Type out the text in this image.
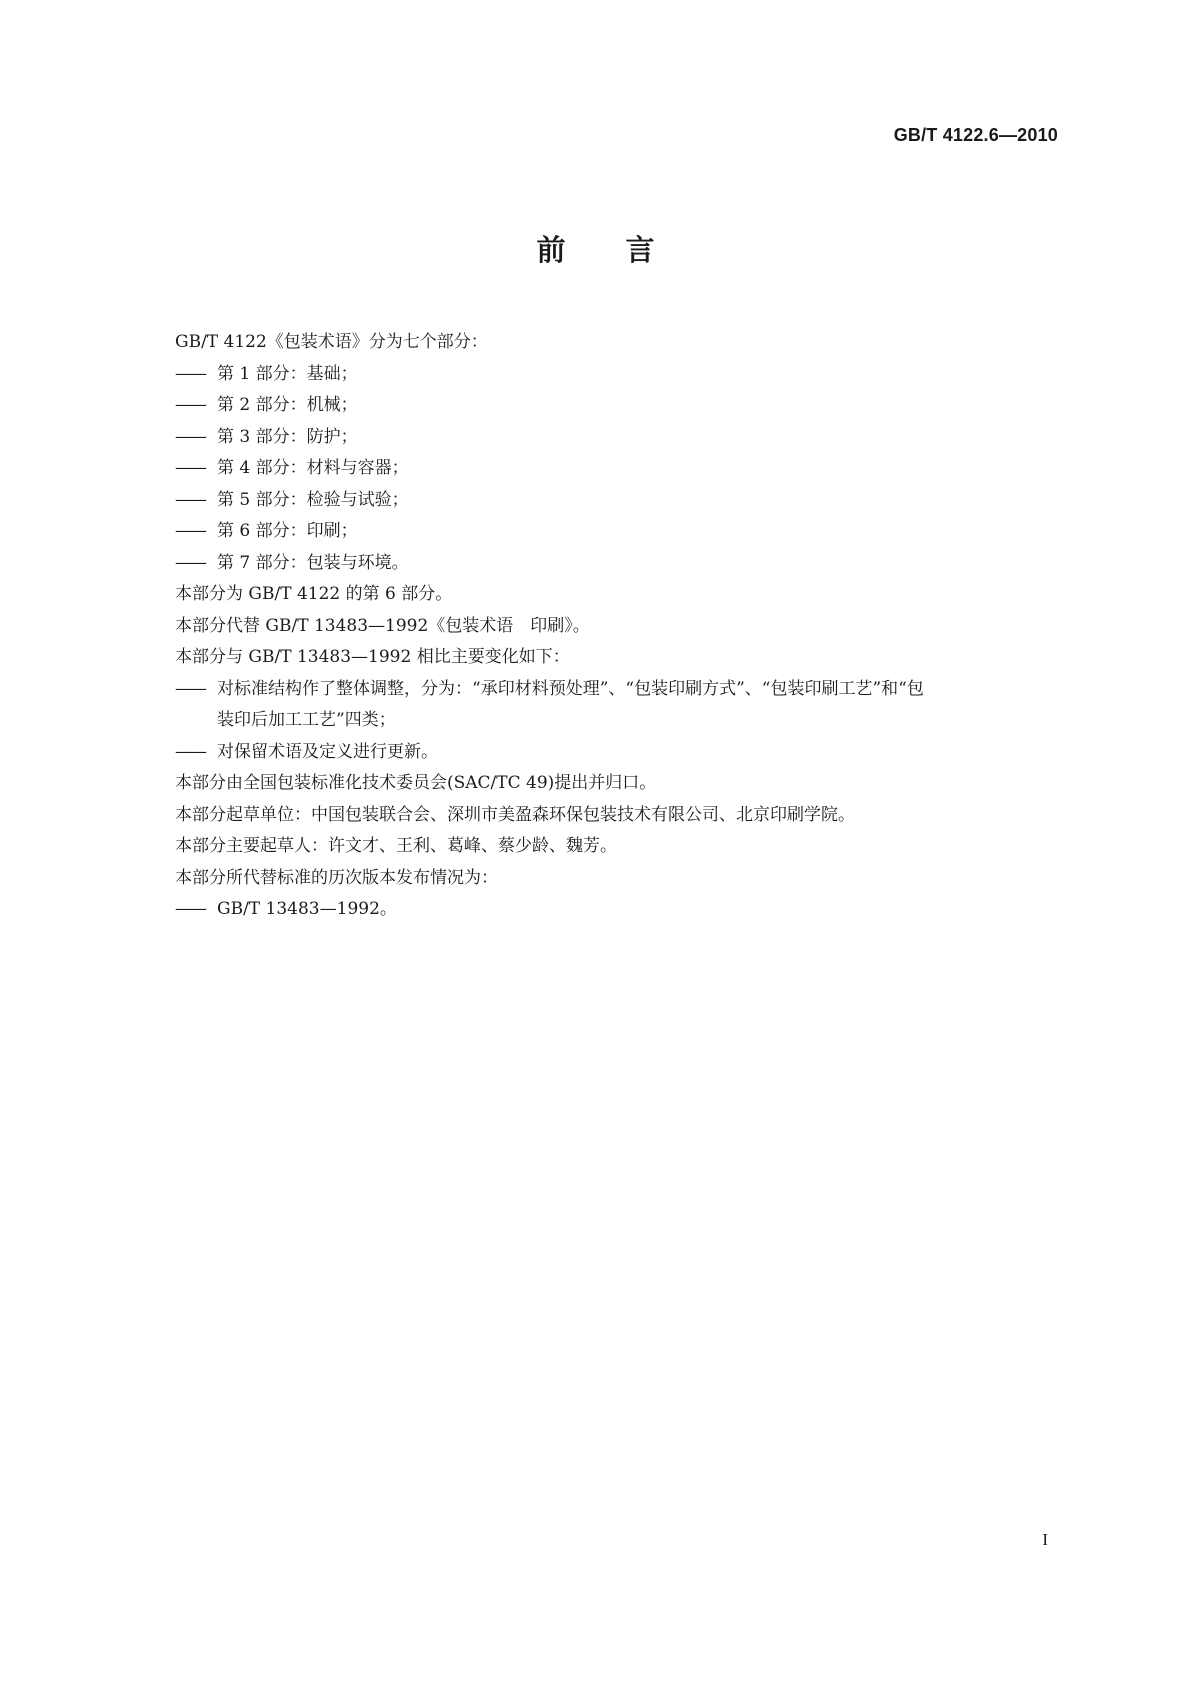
GB/T 4122.6—2010
前 言
GB/T 4122《包装术语》分为七个部分：
—— 第 1 部分：基础；
—— 第 2 部分：机械；
—— 第 3 部分：防护；
—— 第 4 部分：材料与容器；
—— 第 5 部分：检验与试验；
—— 第 6 部分：印刷；
—— 第 7 部分：包装与环境。
本部分为 GB/T 4122 的第 6 部分。
本部分代替 GB/T 13483—1992《包装术语　印刷》。
本部分与 GB/T 13483—1992 相比主要变化如下：
—— 对标准结构作了整体调整，分为：“承印材料预处理”、“包装印刷方式”、“包装印刷工艺”和“包
装印后加工工艺”四类；
—— 对保留术语及定义进行更新。
本部分由全国包装标准化技术委员会(SAC/TC 49)提出并归口。
本部分起草单位：中国包装联合会、深圳市美盈森环保包装技术有限公司、北京印刷学院。
本部分主要起草人：许文才、王利、葛峰、蔡少龄、魏芳。
本部分所代替标准的历次版本发布情况为：
—— GB/T 13483—1992。
I
